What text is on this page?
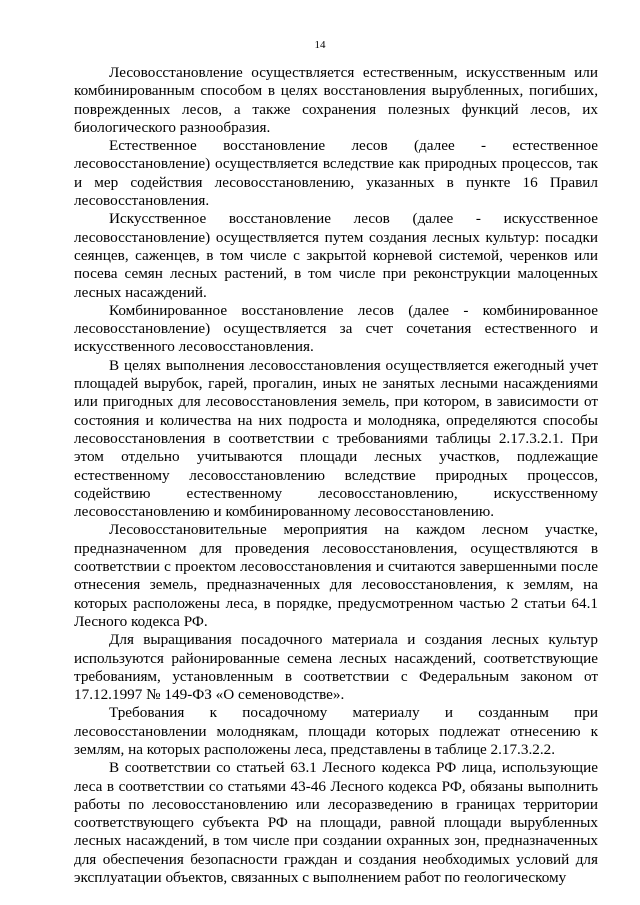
14

Лесовосстановление осуществляется естественным, искусственным или комбинированным способом в целях восстановления вырубленных, погибших, поврежденных лесов, а также сохранения полезных функций лесов, их биологического разнообразия.

Естественное восстановление лесов (далее - естественное лесовосстановление) осуществляется вследствие как природных процессов, так и мер содействия лесовосстановлению, указанных в пункте 16 Правил лесовосстановления.

Искусственное восстановление лесов (далее - искусственное лесовосстановление) осуществляется путем создания лесных культур: посадки сеянцев, саженцев, в том числе с закрытой корневой системой, черенков или посева семян лесных растений, в том числе при реконструкции малоценных лесных насаждений.

Комбинированное восстановление лесов (далее - комбинированное лесовосстановление) осуществляется за счет сочетания естественного и искусственного лесовосстановления.

В целях выполнения лесовосстановления осуществляется ежегодный учет площадей вырубок, гарей, прогалин, иных не занятых лесными насаждениями или пригодных для лесовосстановления земель, при котором, в зависимости от состояния и количества на них подроста и молодняка, определяются способы лесовосстановления в соответствии с требованиями таблицы 2.17.3.2.1. При этом отдельно учитываются площади лесных участков, подлежащие естественному лесовосстановлению вследствие природных процессов, содействию естественному лесовосстановлению, искусственному лесовосстановлению и комбинированному лесовосстановлению.

Лесовосстановительные мероприятия на каждом лесном участке, предназначенном для проведения лесовосстановления, осуществляются в соответствии с проектом лесовосстановления и считаются завершенными после отнесения земель, предназначенных для лесовосстановления, к землям, на которых расположены леса, в порядке, предусмотренном частью 2 статьи 64.1 Лесного кодекса РФ.

Для выращивания посадочного материала и создания лесных культур используются районированные семена лесных насаждений, соответствующие требованиям, установленным в соответствии с Федеральным законом от 17.12.1997 № 149-ФЗ «О семеноводстве».

Требования к посадочному материалу и созданным при лесовосстановлении молоднякам, площади которых подлежат отнесению к землям, на которых расположены леса, представлены в таблице 2.17.3.2.2.

В соответствии со статьей 63.1 Лесного кодекса РФ лица, использующие леса в соответствии со статьями 43-46 Лесного кодекса РФ, обязаны выполнить работы по лесовосстановлению или лесоразведению в границах территории соответствующего субъекта РФ на площади, равной площади вырубленных лесных насаждений, в том числе при создании охранных зон, предназначенных для обеспечения безопасности граждан и создания необходимых условий для эксплуатации объектов, связанных с выполнением работ по геологическому
